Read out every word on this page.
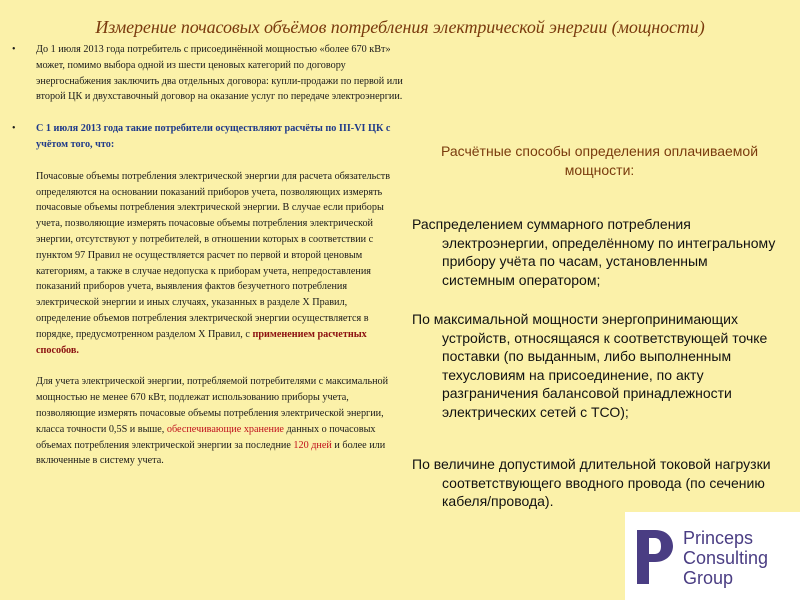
Измерение почасовых объёмов потребления электрической энергии (мощности)
•	До 1 июля 2013 года потребитель с присоединённой мощностью «более 670 кВт» может, помимо выбора одной из шести ценовых категорий по договору энергоснабжения заключить два отдельных договора: купли-продажи по первой или второй ЦК и двухставочный договор на оказание услуг по передаче электроэнергии.
•	С 1 июля 2013 года такие потребители осуществляют расчёты по III-VI ЦК с учётом того, что:
Почасовые объемы потребления электрической энергии для расчета обязательств определяются на основании показаний приборов учета, позволяющих измерять почасовые объемы потребления электрической энергии. В случае если приборы учета, позволяющие измерять почасовые объемы потребления электрической энергии, отсутствуют у потребителей, в отношении которых в соответствии с пунктом 97 Правил не осуществляется расчет по первой и второй ценовым категориям, а также в случае недопуска к приборам учета, непредоставления показаний приборов учета, выявления фактов безучетного потребления электрической энергии и иных случаях, указанных в разделе X Правил, определение объемов потребления электрической энергии осуществляется в порядке, предусмотренном разделом X Правил, с применением расчетных способов.
Для учета электрической энергии, потребляемой потребителями с максимальной мощностью не менее 670 кВт, подлежат использованию приборы учета, позволяющие измерять почасовые объемы потребления электрической энергии, класса точности 0,5S и выше, обеспечивающие хранение данных о почасовых объемах потребления электрической энергии за последние 120 дней и более или включенные в систему учета.
Расчётные способы определения оплачиваемой мощности:
Распределением суммарного потребления электроэнергии, определённому по интегральному прибору учёта по часам, установленным системным оператором;
По максимальной мощности энергопринимающих устройств, относящаяся к соответствующей точке поставки (по выданным, либо выполненным техусловиям на присоединение, по акту разграничения балансовой принадлежности электрических сетей с ТСО);
По величине допустимой длительной токовой нагрузки соответствующего вводного провода (по сечению кабеля/провода).
Princeps
Consulting
Group
